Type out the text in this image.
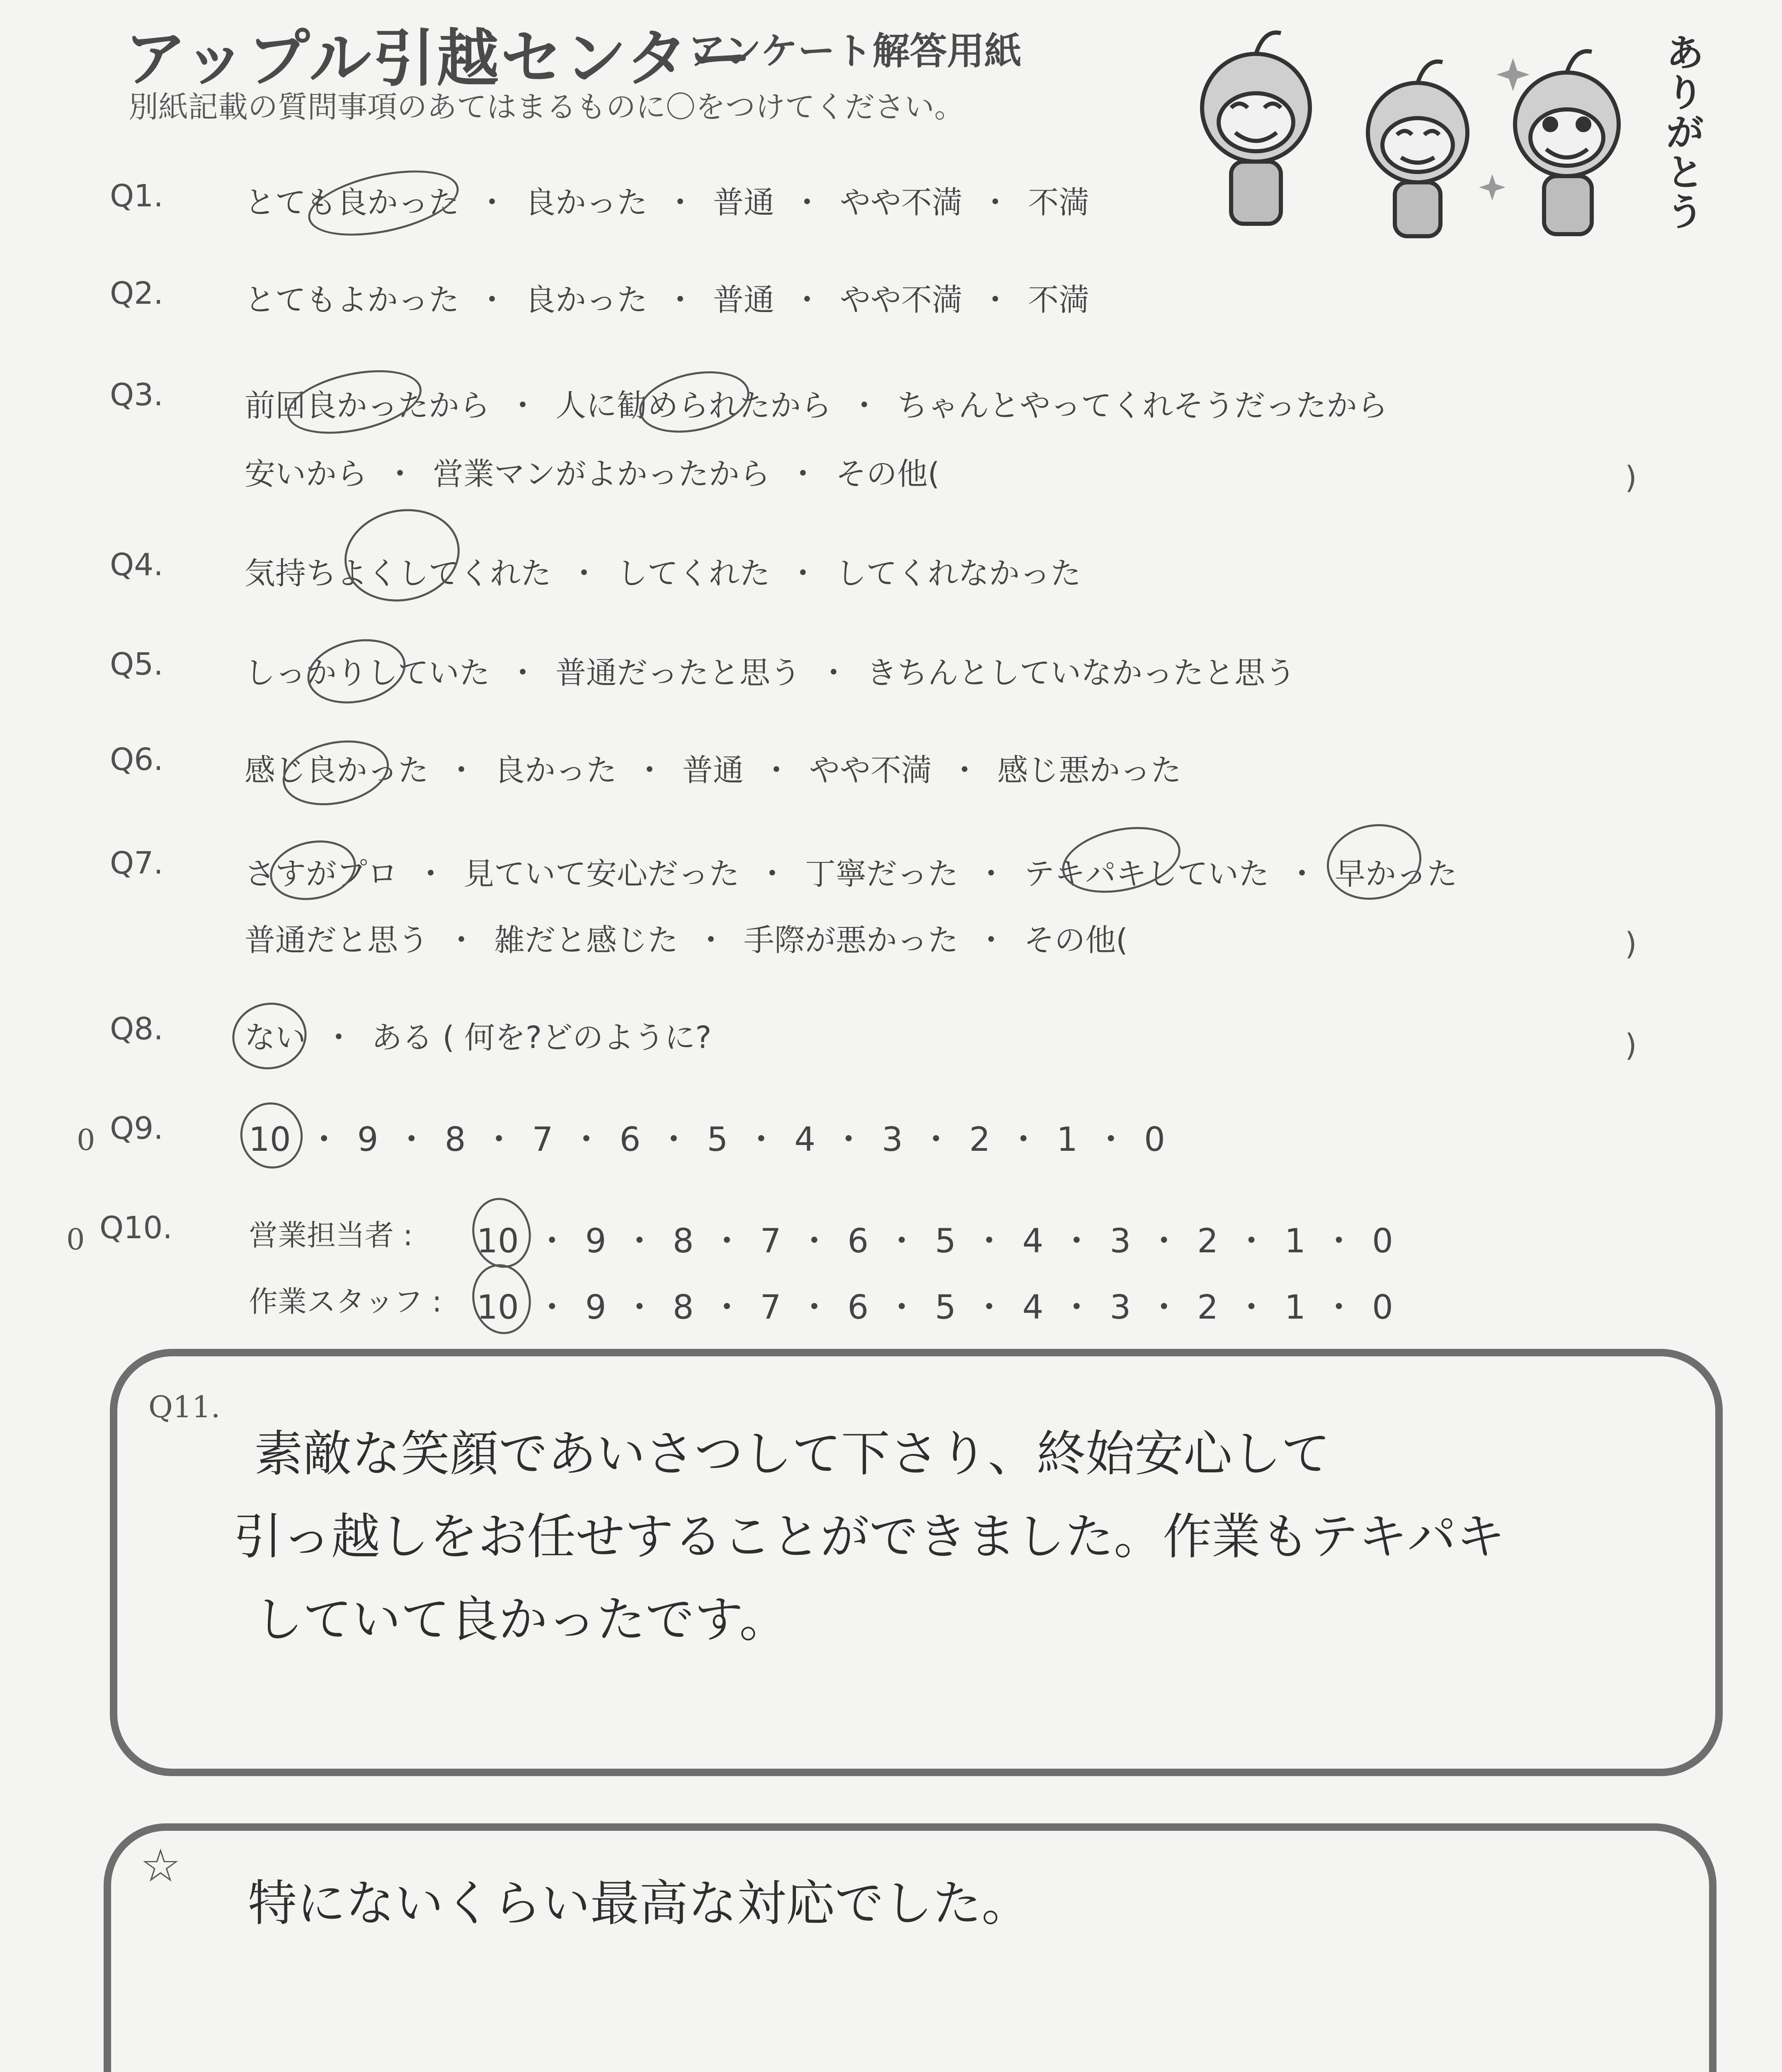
アップル引越センター
アンケート解答用紙
別紙記載の質問事項のあてはまるものに〇をつけてください。
ありがとう
Q1.	とても良かった ・ 良かった ・ 普通 ・ やや不満 ・ 不満
Q2.	とてもよかった ・ 良かった ・ 普通 ・ やや不満 ・ 不満
Q3.	前回良かったから ・ 人に勧められたから ・ ちゃんとやってくれそうだったから
安いから ・ 営業マンがよかったから ・ その他(	)
Q4.	気持ちよくしてくれた ・ してくれた ・ してくれなかった
Q5.	しっかりしていた ・ 普通だったと思う ・ きちんとしていなかったと思う
Q6.	感じ良かった ・ 良かった ・ 普通 ・ やや不満 ・ 感じ悪かった
Q7.	さすがプロ ・ 見ていて安心だった ・ 丁寧だった ・ テキパキしていた ・ 早かった
普通だと思う ・ 雑だと感じた ・ 手際が悪かった ・ その他(	)
Q8.	ない ・ ある ( 何を?どのように?	)
0 Q9.	10 ・ 9 ・ 8 ・ 7 ・ 6 ・ 5 ・ 4 ・ 3 ・ 2 ・ 1 ・ 0
0 Q10.	営業担当者 : 10 ・ 9 ・ 8 ・ 7 ・ 6 ・ 5 ・ 4 ・ 3 ・ 2 ・ 1 ・ 0
作業スタッフ : 10 ・ 9 ・ 8 ・ 7 ・ 6 ・ 5 ・ 4 ・ 3 ・ 2 ・ 1 ・ 0
Q11.
素敵な笑顔であいさつして下さり、終始安心して
引っ越しをお任せすることができました。作業もテキパキ
していて良かったです。
☆
特にないくらい最高な対応でした。
